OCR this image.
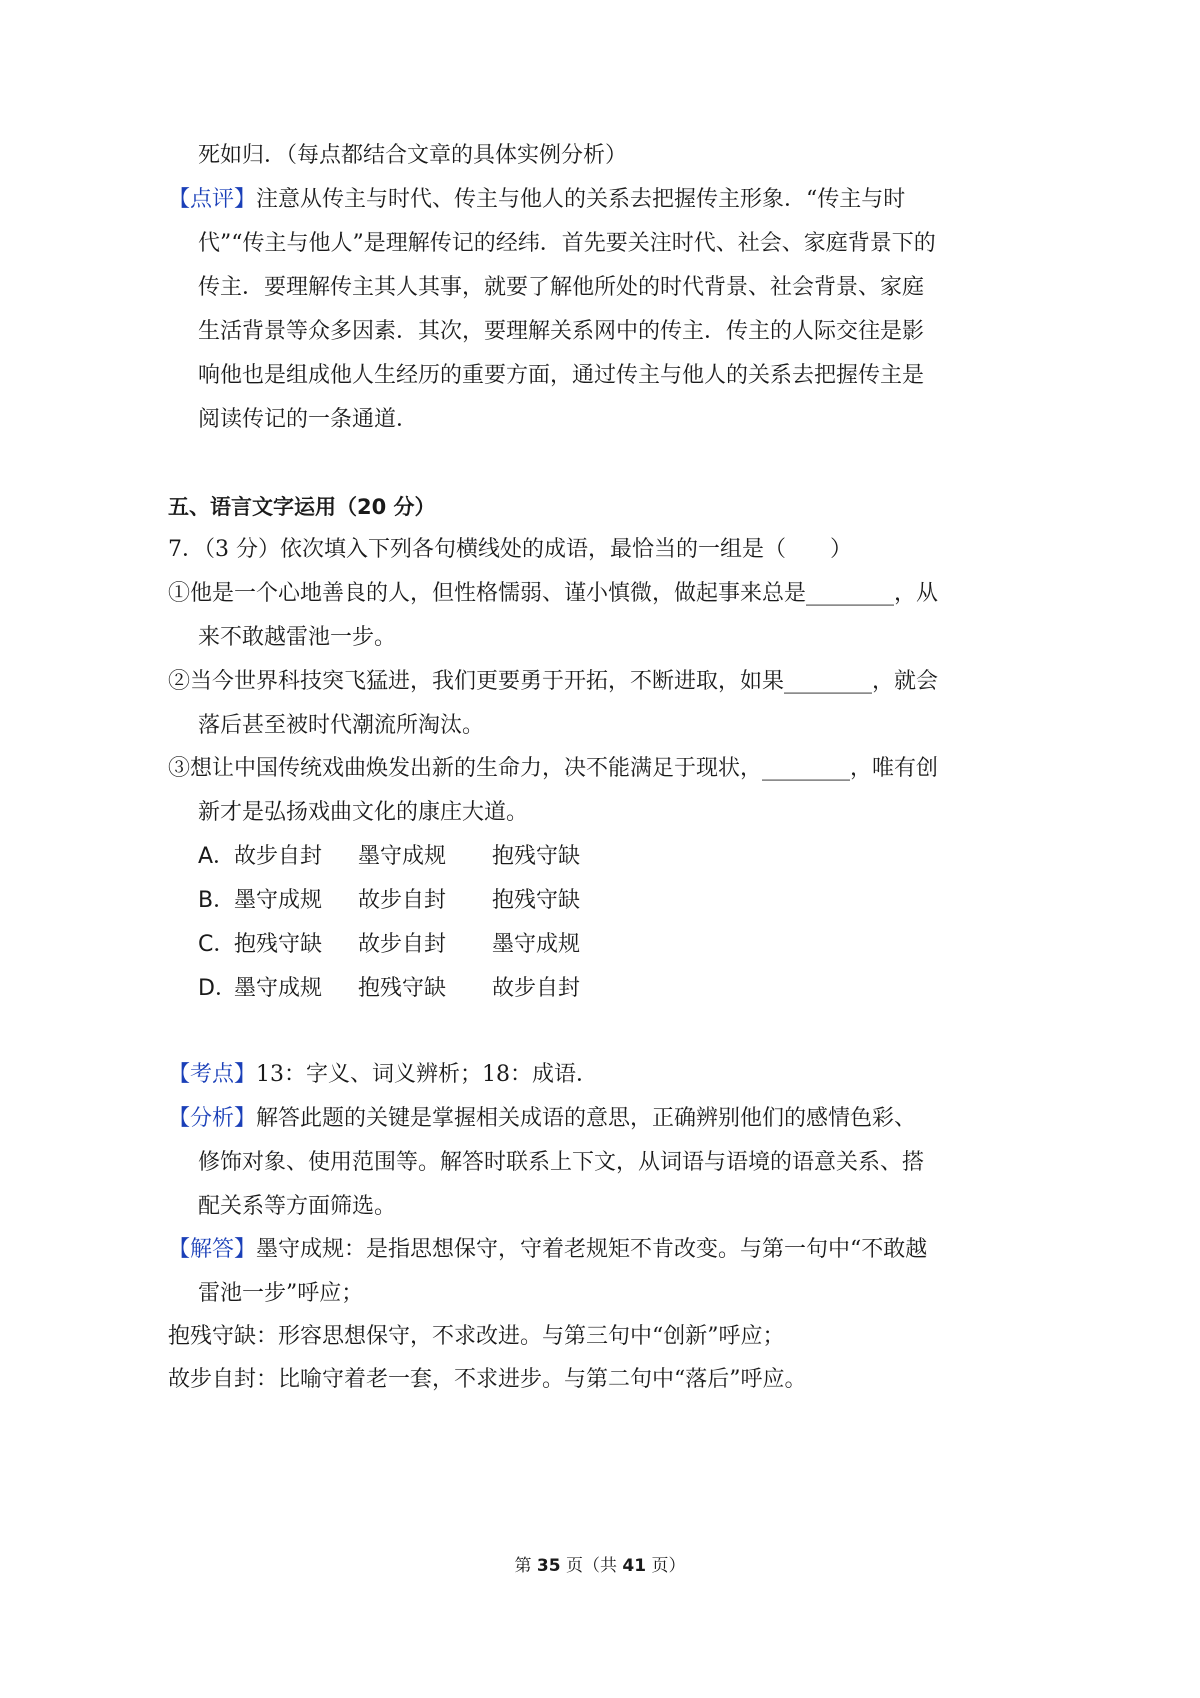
死如归．（每点都结合文章的具体实例分析）
【点评】注意从传主与时代、传主与他人的关系去把握传主形象．“传主与时
代”“传主与他人”是理解传记的经纬．首先要关注时代、社会、家庭背景下的
传主．要理解传主其人其事，就要了解他所处的时代背景、社会背景、家庭
生活背景等众多因素．其次，要理解关系网中的传主．传主的人际交往是影
响他也是组成他人生经历的重要方面，通过传主与他人的关系去把握传主是
阅读传记的一条通道．
五、语言文字运用（20 分）
7．（3 分）依次填入下列各句横线处的成语，最恰当的一组是（　　）
①他是一个心地善良的人，但性格懦弱、谨小慎微，做起事来总是________，从
来不敢越雷池一步。
②当今世界科技突飞猛进，我们更要勇于开拓，不断进取，如果________，就会
落后甚至被时代潮流所淘汰。
③想让中国传统戏曲焕发出新的生命力，决不能满足于现状，________，唯有创
新才是弘扬戏曲文化的康庄大道。
A．故步自封 墨守成规 抱残守缺
B．墨守成规 故步自封 抱残守缺
C．抱残守缺 故步自封 墨守成规
D．墨守成规 抱残守缺 故步自封
【考点】13：字义、词义辨析；18：成语．
【分析】解答此题的关键是掌握相关成语的意思，正确辨别他们的感情色彩、
修饰对象、使用范围等。解答时联系上下文，从词语与语境的语意关系、搭
配关系等方面筛选。
【解答】墨守成规：是指思想保守，守着老规矩不肯改变。与第一句中“不敢越
雷池一步”呼应；
抱残守缺：形容思想保守，不求改进。与第三句中“创新”呼应；
故步自封：比喻守着老一套，不求进步。与第二句中“落后”呼应。
第 35 页（共 41 页）
